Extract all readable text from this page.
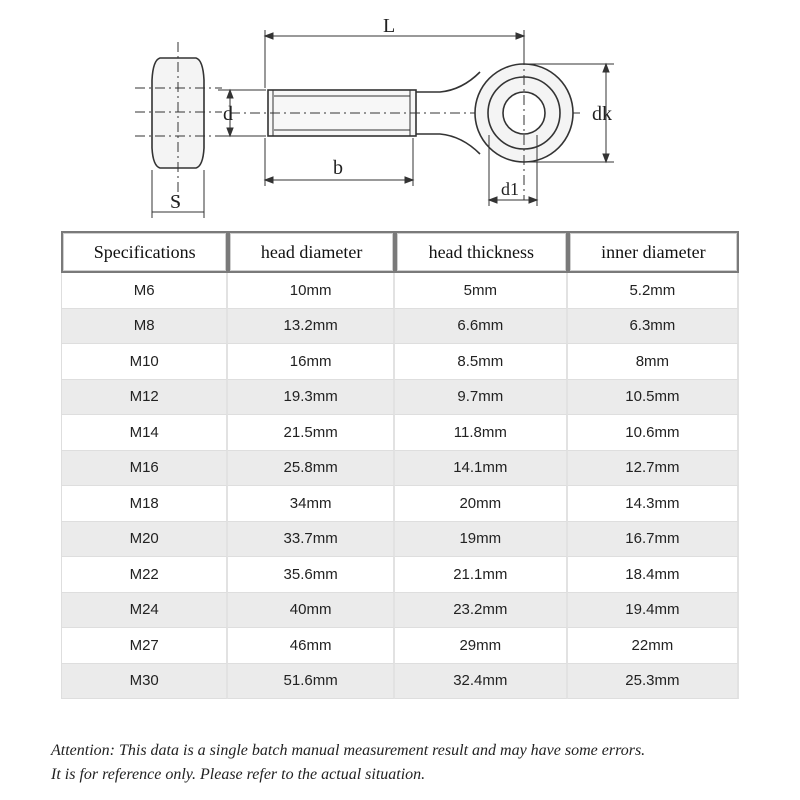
S
L
d
b
dk
d1
Specifications	head diameter	head thickness	inner diameter
M6	10mm	5mm	5.2mm
M8	13.2mm	6.6mm	6.3mm
M10	16mm	8.5mm	8mm
M12	19.3mm	9.7mm	10.5mm
M14	21.5mm	11.8mm	10.6mm
M16	25.8mm	14.1mm	12.7mm
M18	34mm	20mm	14.3mm
M20	33.7mm	19mm	16.7mm
M22	35.6mm	21.1mm	18.4mm
M24	40mm	23.2mm	19.4mm
M27	46mm	29mm	22mm
M30	51.6mm	32.4mm	25.3mm
Attention: This data is a single batch manual measurement result and may have some errors.
It is for reference only. Please refer to the actual situation.
